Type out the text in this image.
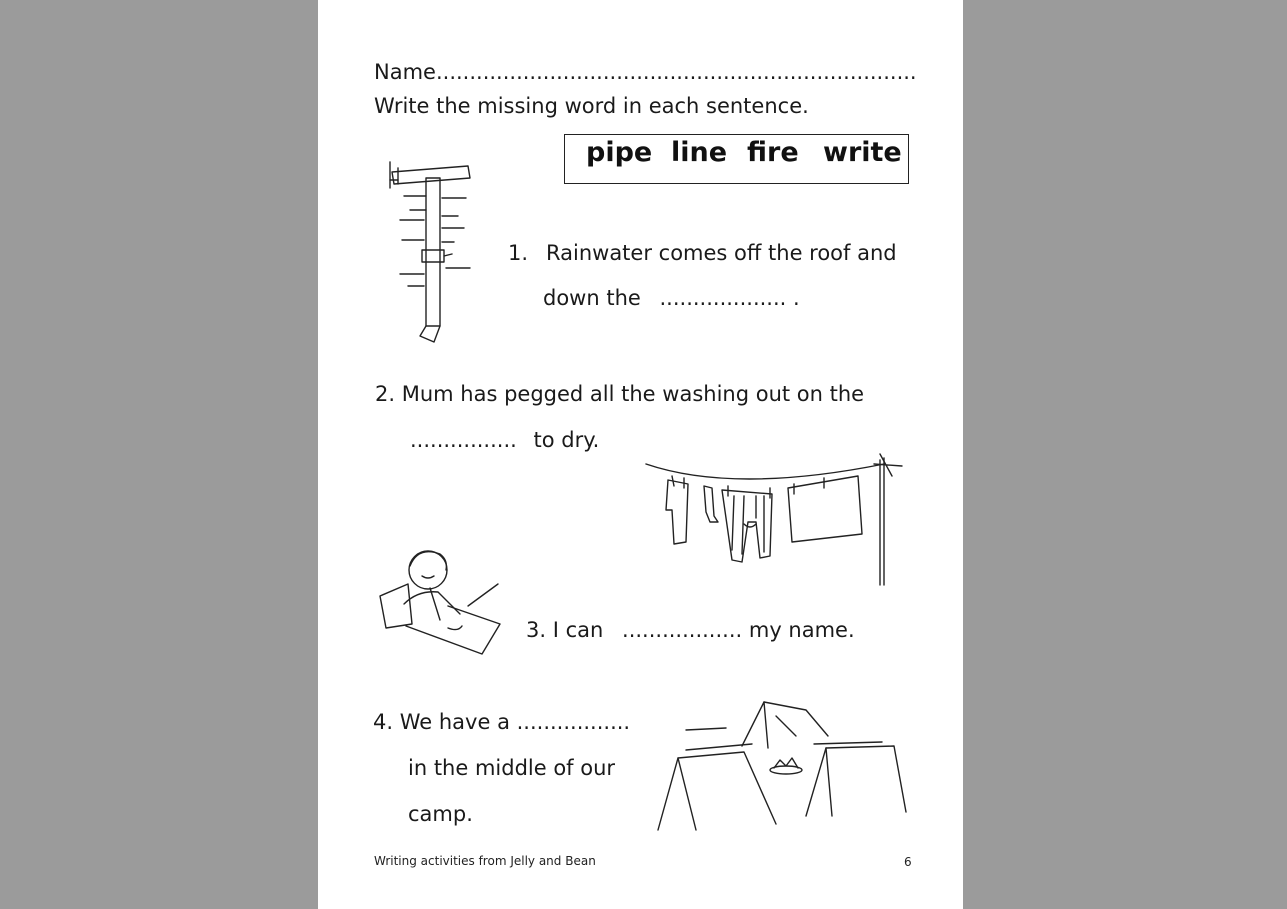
Name........................................................................
Write the missing word in each sentence.
pipe line fire write
1. Rainwater comes off the roof and
down the ................... .
2. Mum has pegged all the washing out on the
................ to dry.
3. I can .................. my name.
4. We have a .................
in the middle of our
camp.
Writing activities from Jelly and Bean	6
